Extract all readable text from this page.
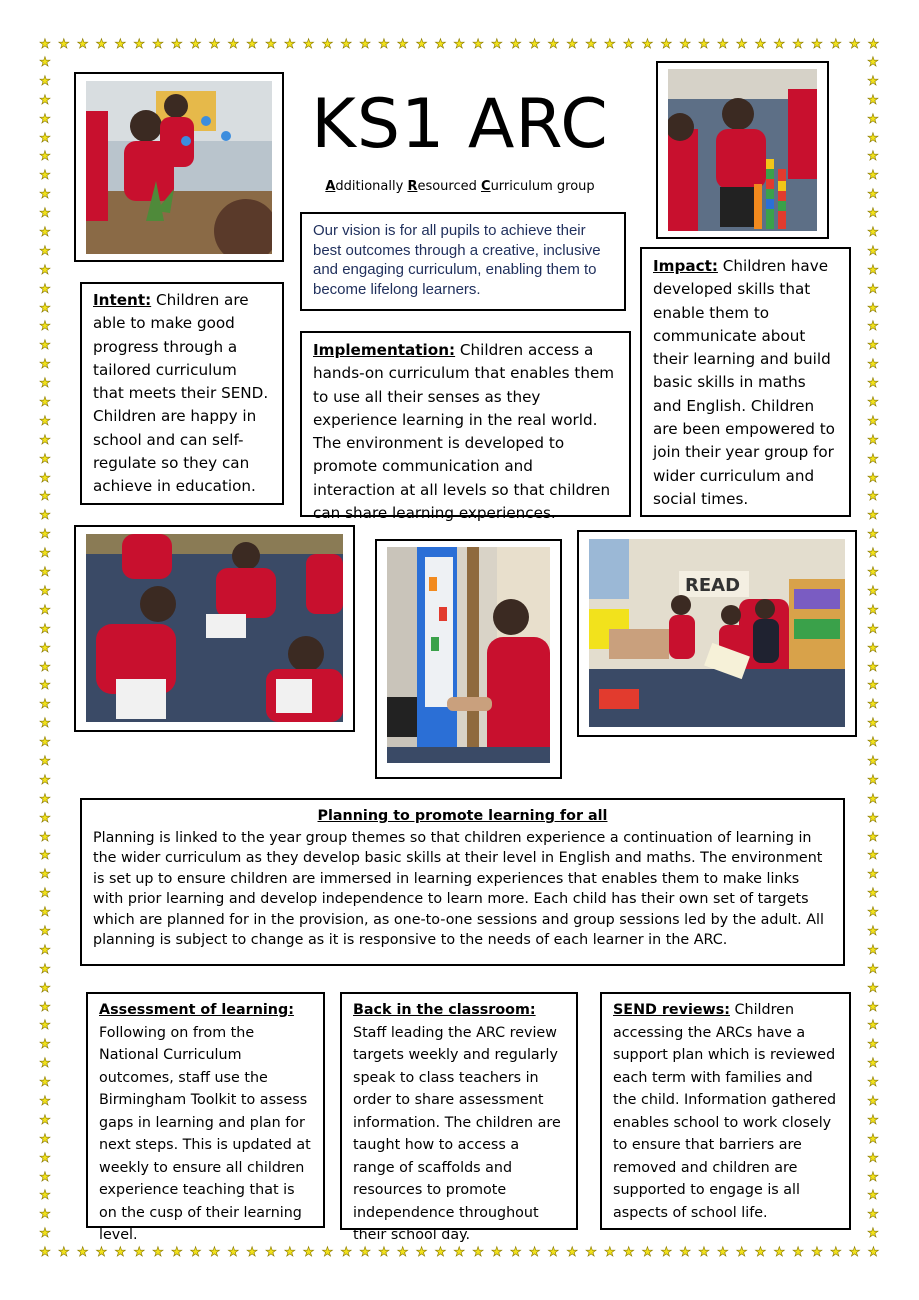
★ ★ ★ ★ ★ ★ ★ ★ ★ ★ ★ ★ ★ ★ ★ ★ ★ ★ ★ ★ ★ ★ ★ ★ ★ ★ ★ ★ ★ ★ ★ ★ ★ ★ ★ ★ ★ ★ ★ ★ ★ ★ ★ ★ ★
★ ★ ★ ★ ★ ★ ★ ★ ★ ★ ★ ★ ★ ★ ★ ★ ★ ★ ★ ★ ★ ★ ★ ★ ★ ★ ★ ★ ★ ★ ★ ★ ★ ★ ★ ★ ★ ★ ★ ★ ★ ★ ★ ★ ★
★
★
★
★
★
★
★
★
★
★
★
★
★
★
★
★
★
★
★
★
★
★
★
★
★
★
★
★
★
★
★
★
★
★
★
★
★
★
★
★
★
★
★
★
★
★
★
★
★
★
★
★
★
★
★
★
★
★
★
★
★
★
★
★
★
★
★
★
★
★
★
★
★
★
★
★
★
★
★
★
★
★
★
★
★
★
★
★
★
★
★
★
★
★
★
★
★
★
★
★
★
★
★
★
★
★
★
★
★
★
★
★
★
★
★
★
★
★
★
★
★
★
★
★
★
★
KS1 ARC
Additionally Resourced Curriculum group
Our vision is for all pupils to achieve their best outcomes through a creative, inclusive and engaging curriculum, enabling them to become lifelong learners.
Intent: Children are able to make good progress through a tailored curriculum that meets their SEND. Children are happy in school and can self-regulate so they can achieve in education.
Implementation: Children access a hands-on curriculum that enables them to use all their senses as they experience learning in the real world. The environment is developed to promote communication and interaction at all levels so that children can share learning experiences.
Impact: Children have developed skills that enable them to communicate about their learning and build basic skills in maths and English. Children are been empowered to join their year group for wider curriculum and social times.
READ
Planning to promote learning for all
Planning is linked to the year group themes so that children experience a continuation of learning in the wider curriculum as they develop basic skills at their level in English and maths. The environment is set up to ensure children are immersed in learning experiences that enables them to make links with prior learning and develop independence to learn more. Each child has their own set of targets which are planned for in the provision, as one-to-one sessions and group sessions led by the adult. All planning is subject to change as it is responsive to the needs of each learner in the ARC.
Assessment of learning:
Following on from the National Curriculum outcomes, staff use the Birmingham Toolkit to assess gaps in learning and plan for next steps. This is updated at weekly to ensure all children experience teaching that is on the cusp of their learning level.
Back in the classroom: Staff leading the ARC review targets weekly and regularly speak to class teachers in order to share assessment information. The children are taught how to access a range of scaffolds and resources to promote independence throughout their school day.
SEND reviews: Children accessing the ARCs have a support plan which is reviewed each term with families and the child. Information gathered enables school to work closely to ensure that barriers are removed and children are supported to engage is all aspects of school life.
